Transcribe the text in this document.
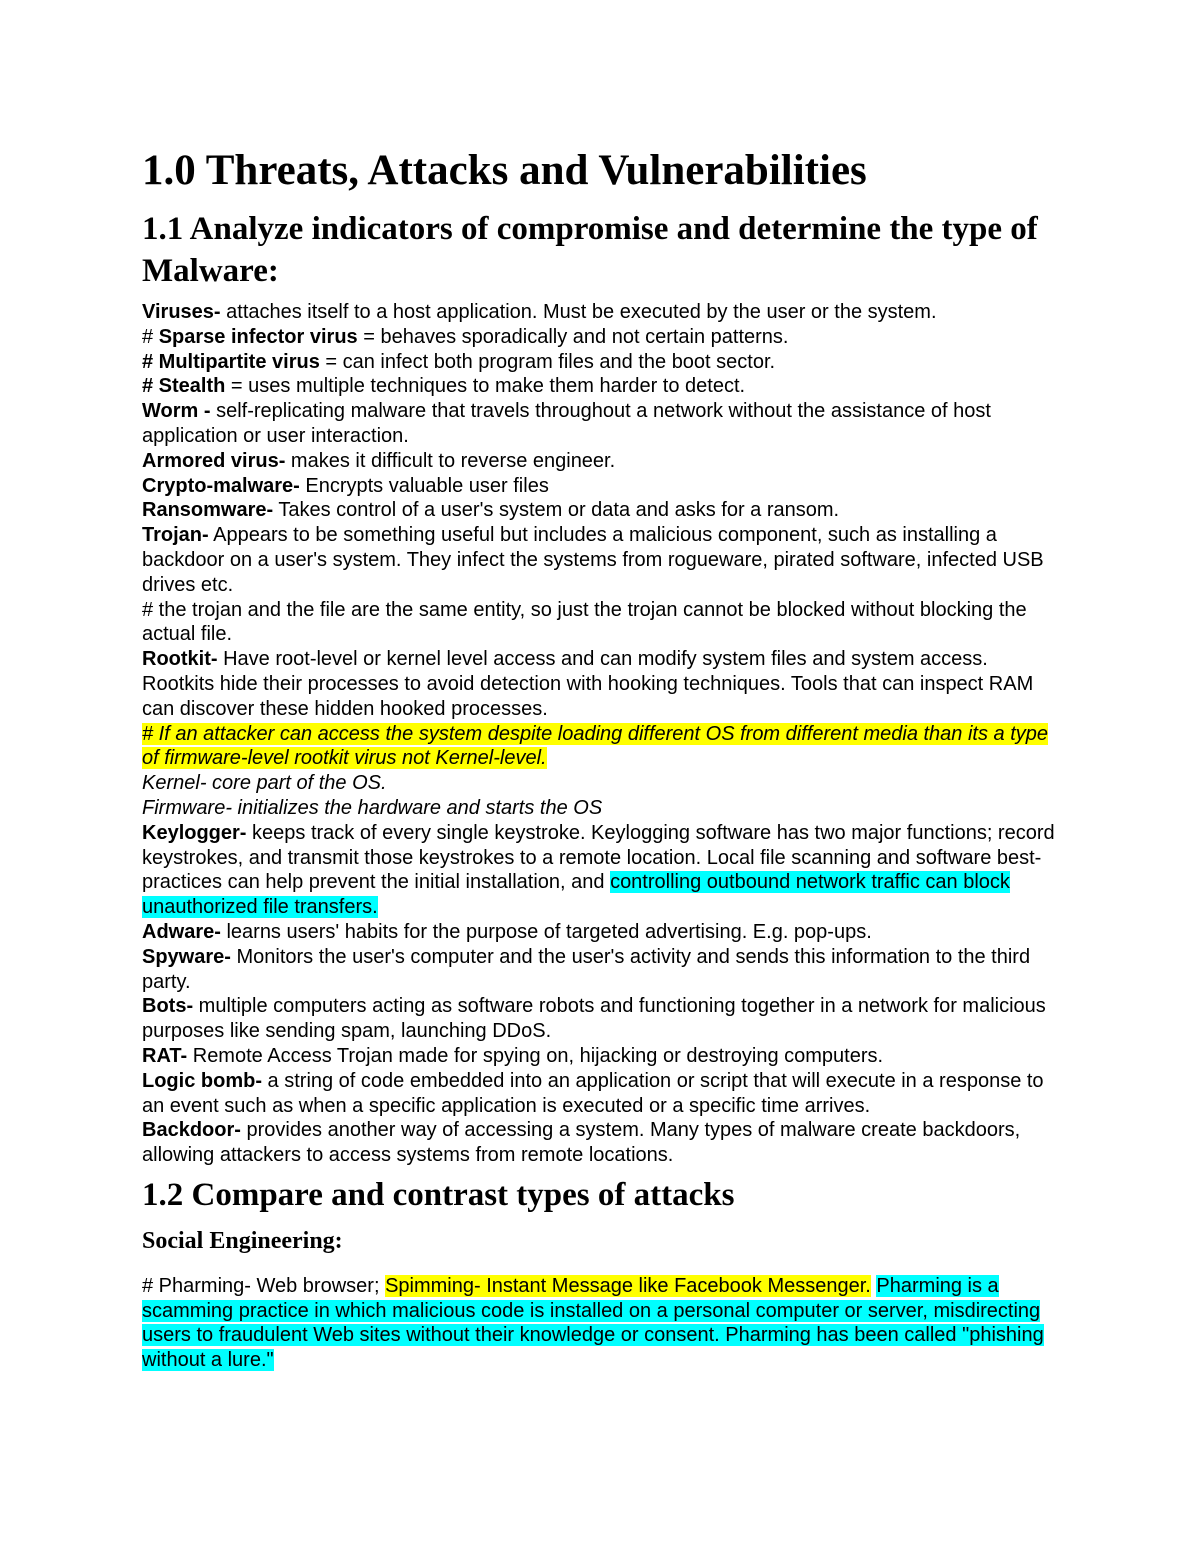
1.0 Threats, Attacks and Vulnerabilities
1.1 Analyze indicators of compromise and determine the type of Malware:

Viruses- attaches itself to a host application. Must be executed by the user or the system.

# Sparse infector virus = behaves sporadically and not certain patterns.

# Multipartite virus = can infect both program files and the boot sector.

# Stealth = uses multiple techniques to make them harder to detect.

Worm - self-replicating malware that travels throughout a network without the assistance of host application or user interaction.

Armored virus- makes it difficult to reverse engineer.

Crypto-malware- Encrypts valuable user files

Ransomware- Takes control of a user's system or data and asks for a ransom.

Trojan- Appears to be something useful but includes a malicious component, such as installing a backdoor on a user's system. They infect the systems from rogueware, pirated software, infected USB drives etc.

# the trojan and the file are the same entity, so just the trojan cannot be blocked without blocking the actual file.

Rootkit- Have root-level or kernel level access and can modify system files and system access. Rootkits hide their processes to avoid detection with hooking techniques. Tools that can inspect RAM can discover these hidden hooked processes.

# If an attacker can access the system despite loading different OS from different media than its a type of firmware-level rootkit virus not Kernel-level.

Kernel- core part of the OS.

Firmware- initializes the hardware and starts the OS

Keylogger- keeps track of every single keystroke. Keylogging software has two major functions; record keystrokes, and transmit those keystrokes to a remote location. Local file scanning and software best-practices can help prevent the initial installation, and controlling outbound network traffic can block unauthorized file transfers.

Adware- learns users' habits for the purpose of targeted advertising. E.g. pop-ups.

Spyware- Monitors the user's computer and the user's activity and sends this information to the third party.

Bots- multiple computers acting as software robots and functioning together in a network for malicious purposes like sending spam, launching DDoS.

RAT- Remote Access Trojan made for spying on, hijacking or destroying computers.

Logic bomb- a string of code embedded into an application or script that will execute in a response to an event such as when a specific application is executed or a specific time arrives.

Backdoor- provides another way of accessing a system. Many types of malware create backdoors, allowing attackers to access systems from remote locations.

1.2 Compare and contrast types of attacks
Social Engineering:

# Pharming- Web browser; Spimming- Instant Message like Facebook Messenger. Pharming is a scamming practice in which malicious code is installed on a personal computer or server, misdirecting users to fraudulent Web sites without their knowledge or consent. Pharming has been called "phishing without a lure."
